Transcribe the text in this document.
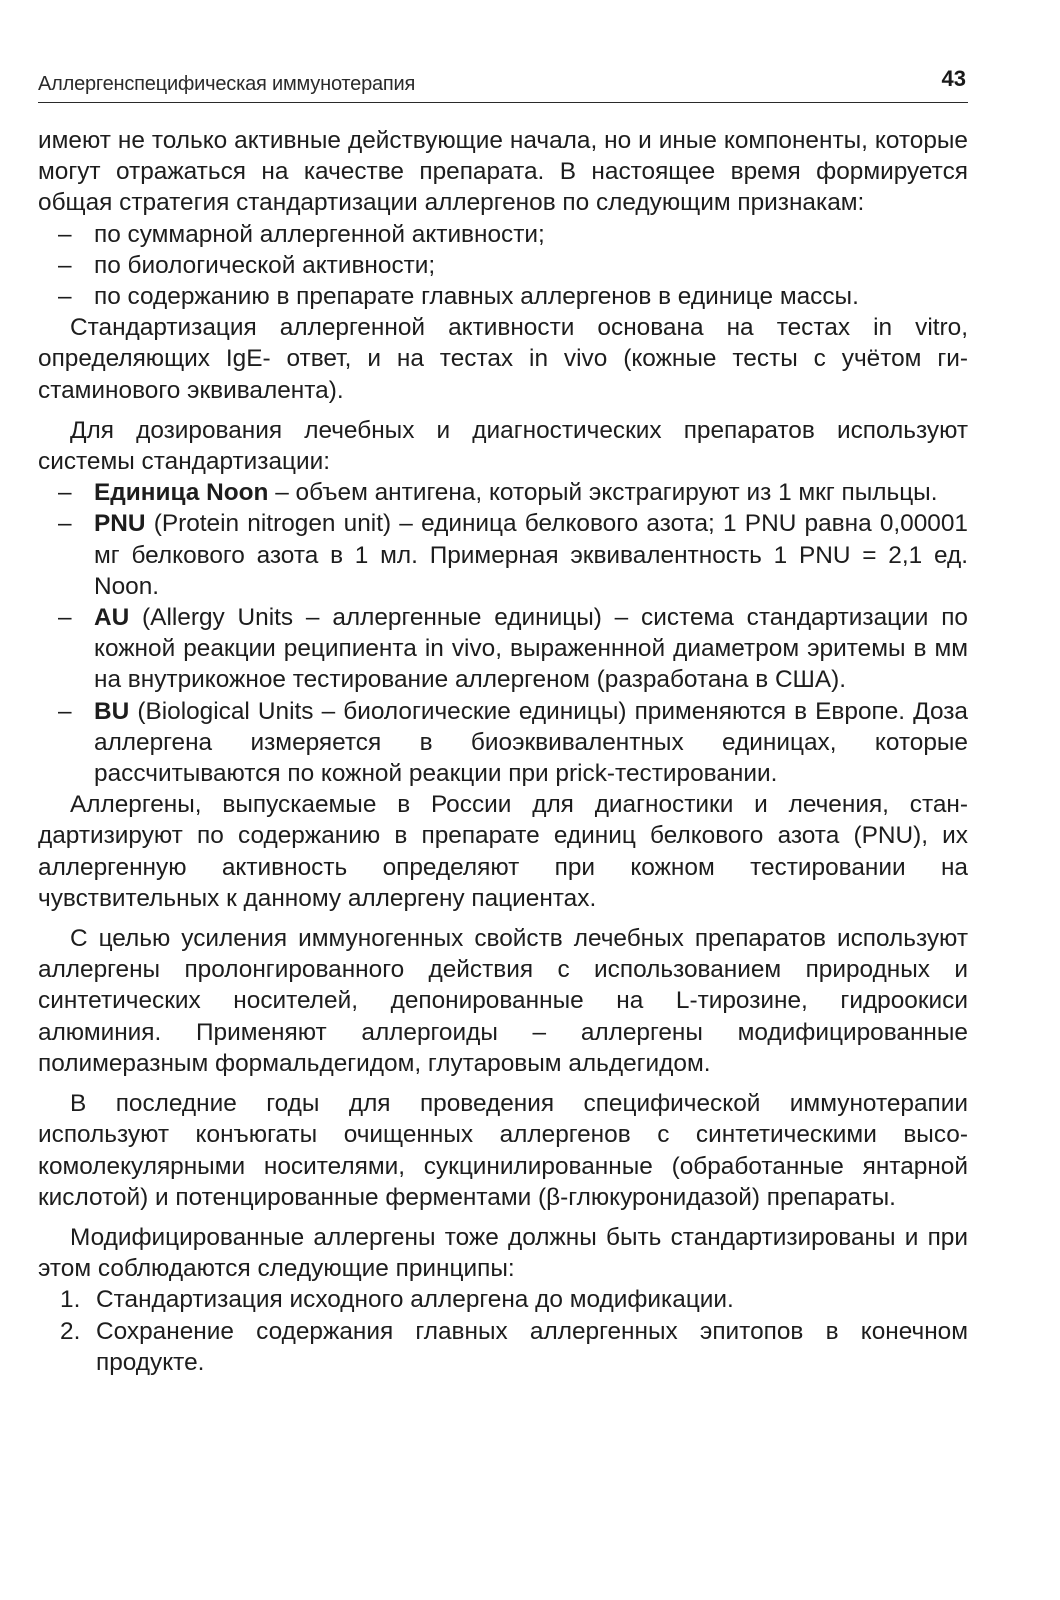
Аллергенспецифическая иммунотерапия	43

имеют не только активные действующие начала, но и иные компоненты, которые могут отражаться на качестве препарата. В настоящее время формируется общая стратегия стандартизации аллергенов по следующим признакам:

– по суммарной аллергенной активности;
– по биологической активности;
– по содержанию в препарате главных аллергенов в единице массы.

Стандартизация аллергенной активности основана на тестах in vitro, определяющих IgE- ответ, и на тестах in vivo (кожные тесты с учётом гистаминового эквивалента).

Для дозирования лечебных и диагностических препаратов используют системы стандартизации:

– Единица Noon – объем антигена, который экстрагируют из 1 мкг пыльцы.
– PNU (Protein nitrogen unit) – единица белкового азота; 1 PNU равна 0,00001 мг белкового азота в 1 мл. Примерная эквивалентность 1 PNU = 2,1 ед. Noon.
– AU (Allergy Units – аллергенные единицы) – система стандартизации по кожной реакции реципиента in vivo, выраженнной диаметром эритемы в мм на внутрикожное тестирование аллергеном (разработана в США).
– BU (Biological Units – биологические единицы) применяются в Европе. Доза аллергена измеряется в биоэквивалентных единицах, которые рассчитываются по кожной реакции при prick-тестировании.

Аллергены, выпускаемые в России для диагностики и лечения, стандартизируют по содержанию в препарате единиц белкового азота (PNU), их аллергенную активность определяют при кожном тестировании на чувствительных к данному аллергену пациентах.

С целью усиления иммуногенных свойств лечебных препаратов используют аллергены пролонгированного действия с использованием природных и синтетических носителей, депонированные на L-тирозине, гидроокиси алюминия. Применяют аллергоиды – аллергены модифицированные полимеразным формальдегидом, глутаровым альдегидом.

В последние годы для проведения специфической иммунотерапии используют конъюгаты очищенных аллергенов с синтетическими высокомолекулярными носителями, сукцинилированные (обработанные янтарной кислотой) и потенцированные ферментами (β-глюкуронидазой) препараты.

Модифицированные аллергены тоже должны быть стандартизированы и при этом соблюдаются следующие принципы:

1. Стандартизация исходного аллергена до модификации.
2. Сохранение содержания главных аллергенных эпитопов в конечном продукте.
